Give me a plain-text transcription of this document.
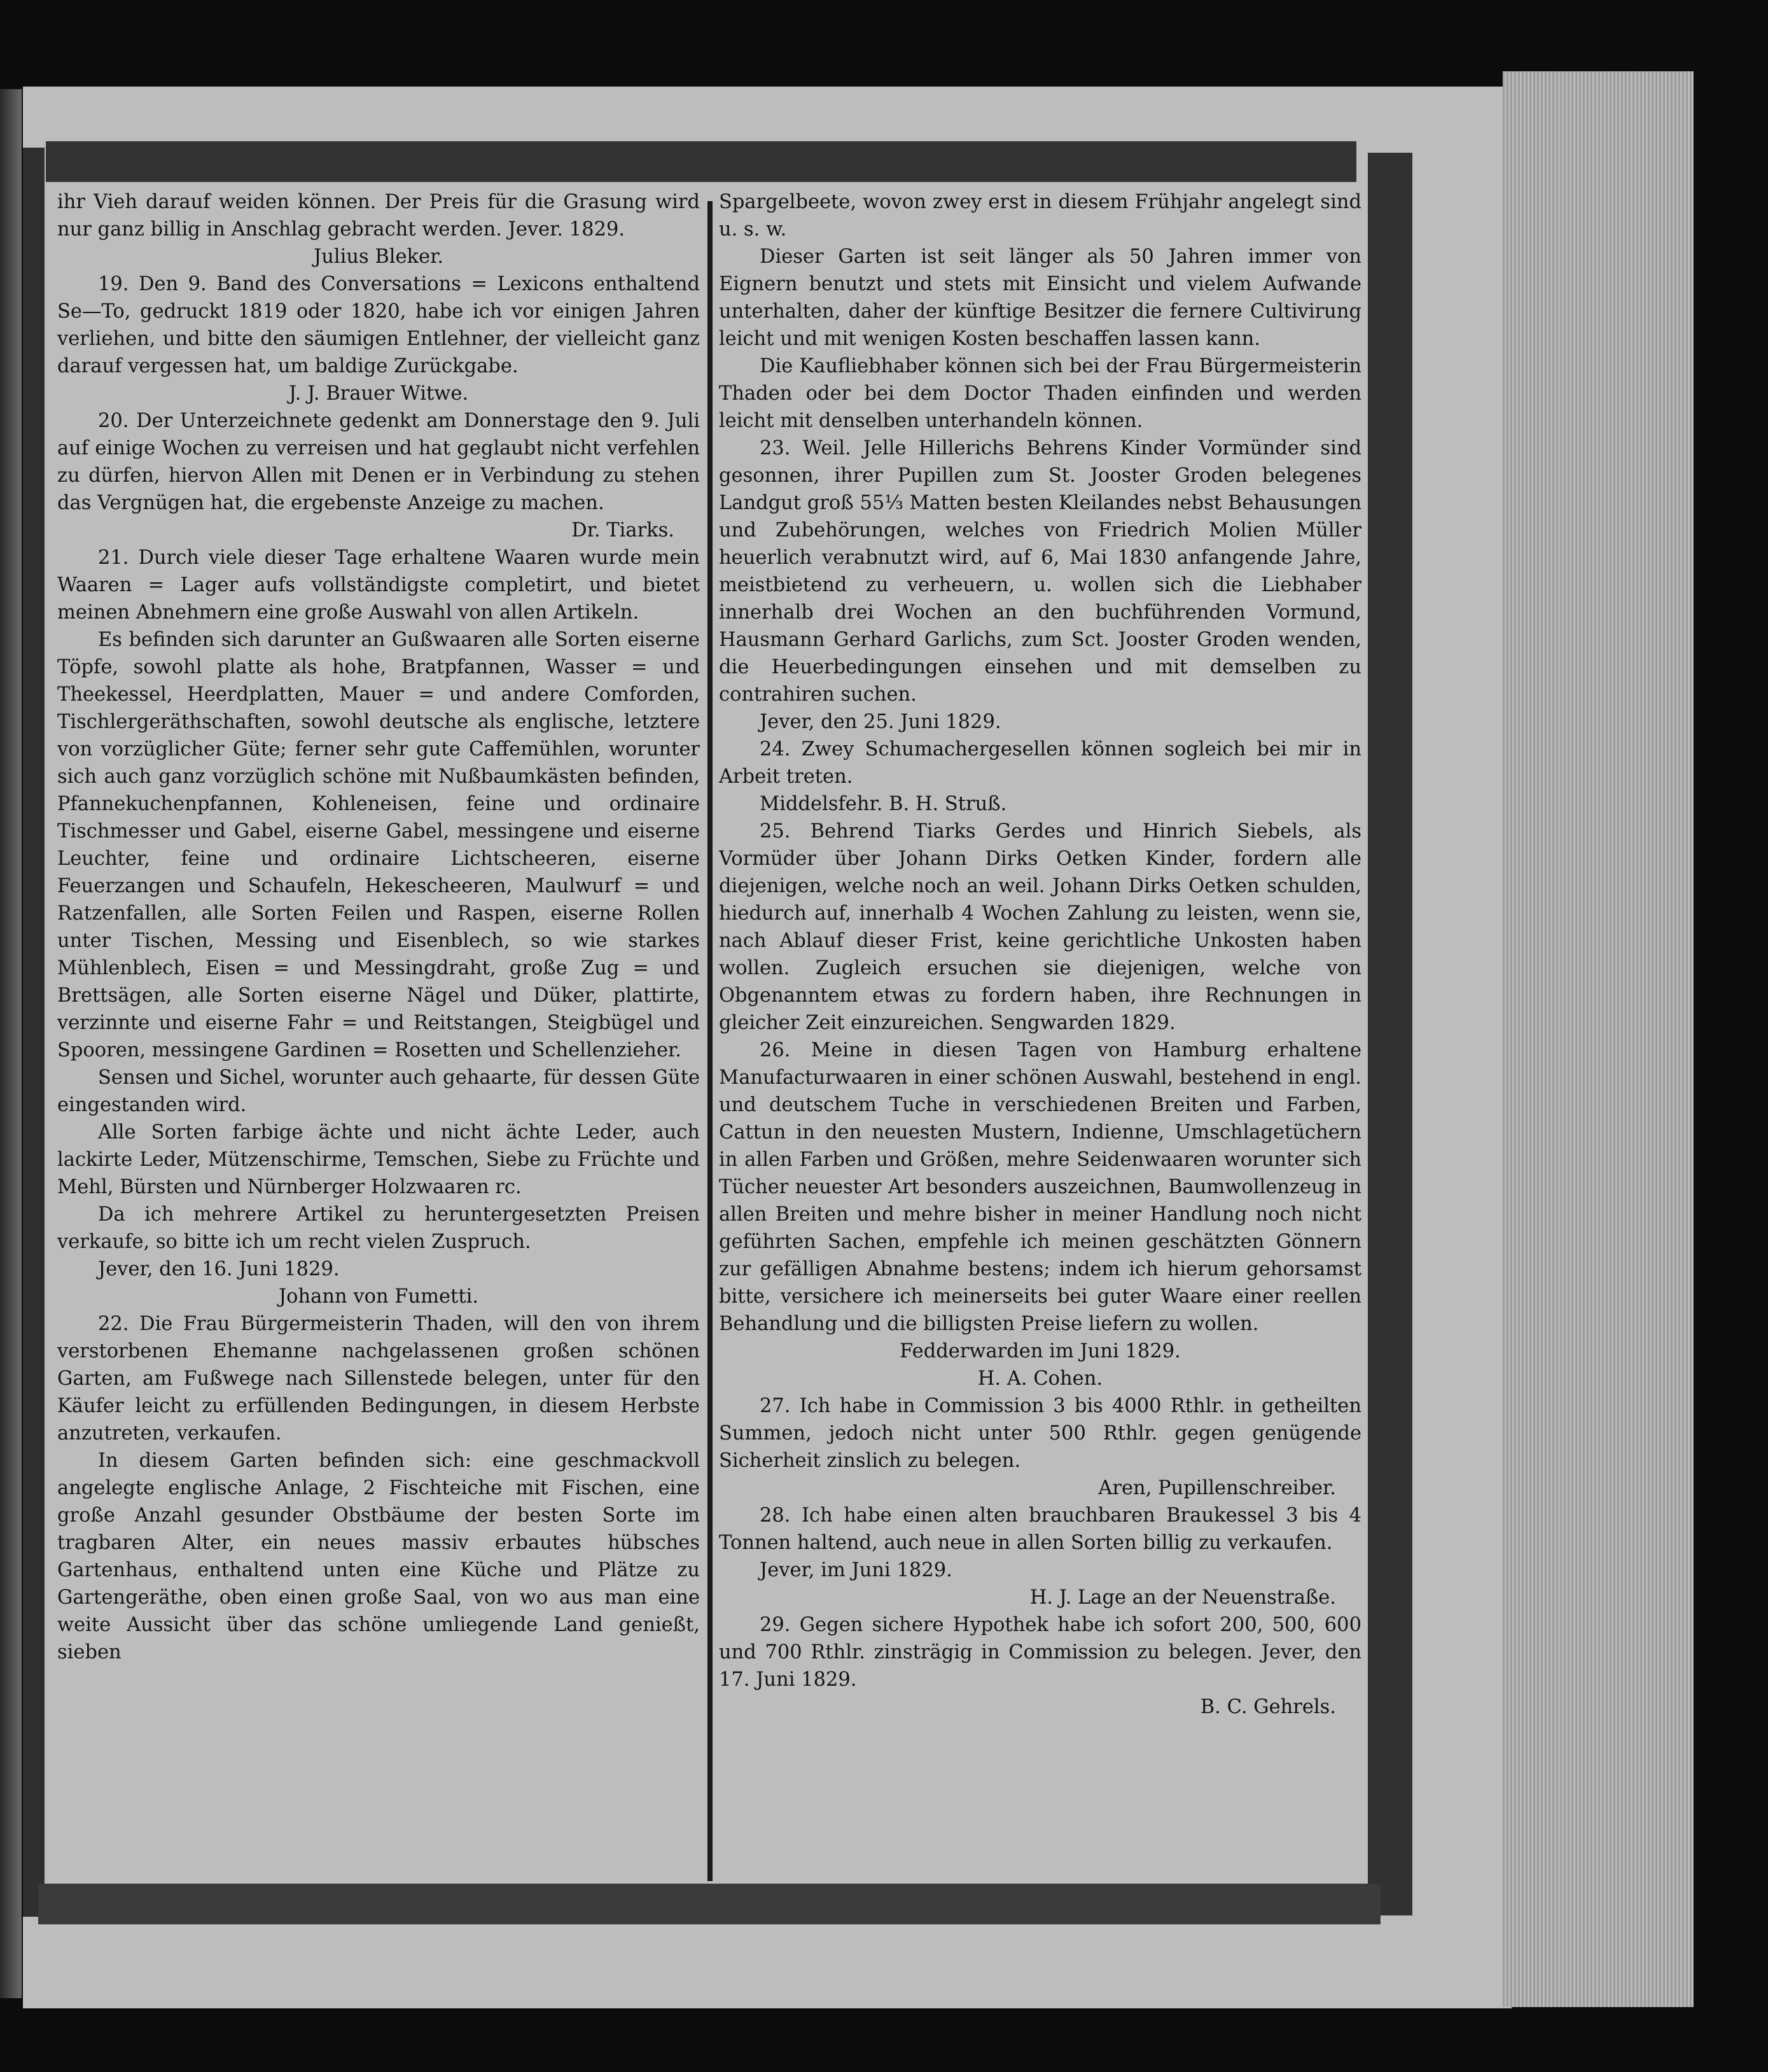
ihr Vieh darauf weiden können. Der Preis für die Grasung wird nur ganz billig in Anschlag gebracht werden. Jever. 1829.

Julius Bleker.

19. Den 9. Band des Conversations = Lexicons enthaltend Se—To, gedruckt 1819 oder 1820, habe ich vor einigen Jahren verliehen, und bitte den säumigen Entlehner, der vielleicht ganz darauf vergessen hat, um baldige Zurückgabe.

J. J. Brauer Witwe.

20. Der Unterzeichnete gedenkt am Donnerstage den 9. Juli auf einige Wochen zu verreisen und hat geglaubt nicht verfehlen zu dürfen, hiervon Allen mit Denen er in Verbindung zu stehen das Vergnügen hat, die ergebenste Anzeige zu machen.

Dr. Tiarks.

21. Durch viele dieser Tage erhaltene Waaren wurde mein Waaren = Lager aufs vollständigste completirt, und bietet meinen Abnehmern eine große Auswahl von allen Artikeln.

Es befinden sich darunter an Gußwaaren alle Sorten eiserne Töpfe, sowohl platte als hohe, Bratpfannen, Wasser = und Theekessel, Heerdplatten, Mauer = und andere Comforden, Tischlergeräthschaften, sowohl deutsche als englische, letztere von vorzüglicher Güte; ferner sehr gute Caffemühlen, worunter sich auch ganz vorzüglich schöne mit Nußbaumkästen befinden, Pfannekuchenpfannen, Kohleneisen, feine und ordinaire Tischmesser und Gabel, eiserne Gabel, messingene und eiserne Leuchter, feine und ordinaire Lichtscheeren, eiserne Feuerzangen und Schaufeln, Hekescheeren, Maulwurf = und Ratzenfallen, alle Sorten Feilen und Raspen, eiserne Rollen unter Tischen, Messing und Eisenblech, so wie starkes Mühlenblech, Eisen = und Messingdraht, große Zug = und Brettsägen, alle Sorten eiserne Nägel und Düker, plattirte, verzinnte und eiserne Fahr = und Reitstangen, Steigbügel und Spooren, messingene Gardinen = Rosetten und Schellenzieher.

Sensen und Sichel, worunter auch gehaarte, für dessen Güte eingestanden wird.

Alle Sorten farbige ächte und nicht ächte Leder, auch lackirte Leder, Mützenschirme, Temschen, Siebe zu Früchte und Mehl, Bürsten und Nürnberger Holzwaaren rc.

Da ich mehrere Artikel zu heruntergesetzten Preisen verkaufe, so bitte ich um recht vielen Zuspruch.

Jever, den 16. Juni 1829.

Johann von Fumetti.

22. Die Frau Bürgermeisterin Thaden, will den von ihrem verstorbenen Ehemanne nachgelassenen großen schönen Garten, am Fußwege nach Sillenstede belegen, unter für den Käufer leicht zu erfüllenden Bedingungen, in diesem Herbste anzutreten, verkaufen.

In diesem Garten befinden sich: eine geschmackvoll angelegte englische Anlage, 2 Fischteiche mit Fischen, eine große Anzahl gesunder Obstbäume der besten Sorte im tragbaren Alter, ein neues massiv erbautes hübsches Gartenhaus, enthaltend unten eine Küche und Plätze zu Gartengeräthe, oben einen große Saal, von wo aus man eine weite Aussicht über das schöne umliegende Land genießt, sieben

Spargelbeete, wovon zwey erst in diesem Frühjahr angelegt sind u. s. w.

Dieser Garten ist seit länger als 50 Jahren immer von Eignern benutzt und stets mit Einsicht und vielem Aufwande unterhalten, daher der künftige Besitzer die fernere Cultivirung leicht und mit wenigen Kosten beschaffen lassen kann.

Die Kaufliebhaber können sich bei der Frau Bürgermeisterin Thaden oder bei dem Doctor Thaden einfinden und werden leicht mit denselben unterhandeln können.

23. Weil. Jelle Hillerichs Behrens Kinder Vormünder sind gesonnen, ihrer Pupillen zum St. Jooster Groden belegenes Landgut groß 55⅓ Matten besten Kleilandes nebst Behausungen und Zubehörungen, welches von Friedrich Molien Müller heuerlich verabnutzt wird, auf 6, Mai 1830 anfangende Jahre, meistbietend zu verheuern, u. wollen sich die Liebhaber innerhalb drei Wochen an den buchführenden Vormund, Hausmann Gerhard Garlichs, zum Sct. Jooster Groden wenden, die Heuerbedingungen einsehen und mit demselben zu contrahiren suchen.

Jever, den 25. Juni 1829.

24. Zwey Schumachergesellen können sogleich bei mir in Arbeit treten.

Middelsfehr. B. H. Struß.

25. Behrend Tiarks Gerdes und Hinrich Siebels, als Vormüder über Johann Dirks Oetken Kinder, fordern alle diejenigen, welche noch an weil. Johann Dirks Oetken schulden, hiedurch auf, innerhalb 4 Wochen Zahlung zu leisten, wenn sie, nach Ablauf dieser Frist, keine gerichtliche Unkosten haben wollen. Zugleich ersuchen sie diejenigen, welche von Obgenanntem etwas zu fordern haben, ihre Rechnungen in gleicher Zeit einzureichen. Sengwarden 1829.

26. Meine in diesen Tagen von Hamburg erhaltene Manufacturwaaren in einer schönen Auswahl, bestehend in engl. und deutschem Tuche in verschiedenen Breiten und Farben, Cattun in den neuesten Mustern, Indienne, Umschlagetüchern in allen Farben und Größen, mehre Seidenwaaren worunter sich Tücher neuester Art besonders auszeichnen, Baumwollenzeug in allen Breiten und mehre bisher in meiner Handlung noch nicht geführten Sachen, empfehle ich meinen geschätzten Gönnern zur gefälligen Abnahme bestens; indem ich hierum gehorsamst bitte, versichere ich meinerseits bei guter Waare einer reellen Behandlung und die billigsten Preise liefern zu wollen.

Fedderwarden im Juni 1829.

H. A. Cohen.

27. Ich habe in Commission 3 bis 4000 Rthlr. in getheilten Summen, jedoch nicht unter 500 Rthlr. gegen genügende Sicherheit zinslich zu belegen.

Aren, Pupillenschreiber.

28. Ich habe einen alten brauchbaren Braukessel 3 bis 4 Tonnen haltend, auch neue in allen Sorten billig zu verkaufen.

Jever, im Juni 1829.

H. J. Lage an der Neuenstraße.

29. Gegen sichere Hypothek habe ich sofort 200, 500, 600 und 700 Rthlr. zinsträgig in Commission zu belegen. Jever, den 17. Juni 1829.

B. C. Gehrels.
